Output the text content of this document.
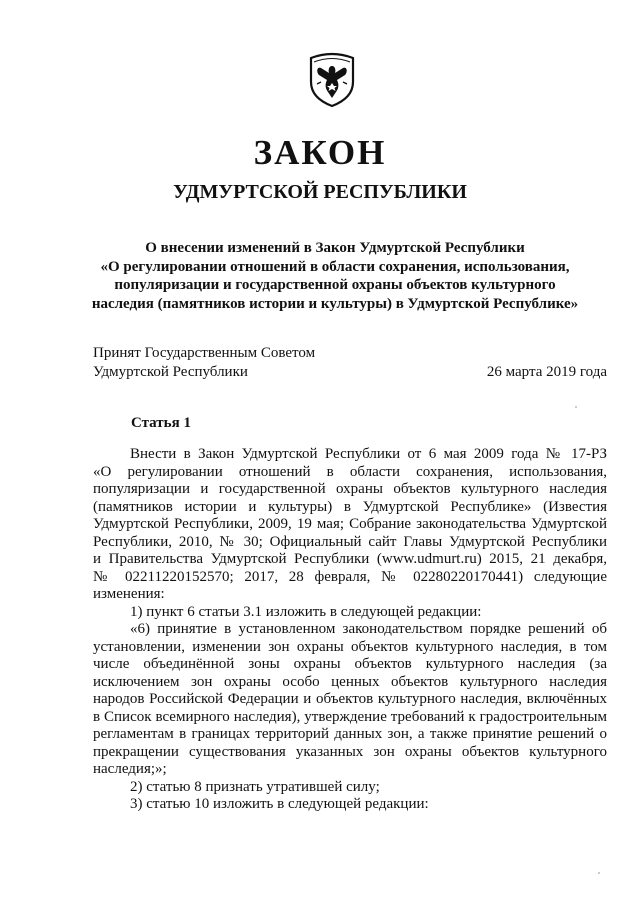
ЗАКОН
УДМУРТСКОЙ РЕСПУБЛИКИ
О внесении изменений в Закон Удмуртской Республики
«О регулировании отношений в области сохранения, использования,
популяризации и государственной охраны объектов культурного
наследия (памятников истории и культуры) в Удмуртской Республике»
Принят Государственным Советом
Удмуртской Республики	26 марта 2019 года
Статья 1
Внести в Закон Удмуртской Республики от 6 мая 2009 года № 17-РЗ
«О регулировании отношений в области сохранения, использования,
популяризации и государственной охраны объектов культурного наследия
(памятников истории и культуры) в Удмуртской Республике» (Известия
Удмуртской Республики, 2009, 19 мая; Собрание законодательства Удмуртской
Республики, 2010, № 30; Официальный сайт Главы Удмуртской Республики
и Правительства Удмуртской Республики (www.udmurt.ru) 2015, 21 декабря,
№ 02211220152570; 2017, 28 февраля, № 02280220170441) следующие
изменения:
1) пункт 6 статьи 3.1 изложить в следующей редакции:
«6) принятие в установленном законодательством порядке решений об
установлении, изменении зон охраны объектов культурного наследия, в том
числе объединённой зоны охраны объектов культурного наследия (за
исключением зон охраны особо ценных объектов культурного наследия
народов Российской Федерации и объектов культурного наследия, включённых
в Список всемирного наследия), утверждение требований к градостроительным
регламентам в границах территорий данных зон, а также принятие решений о
прекращении существования указанных зон охраны объектов культурного
наследия;»;
2) статью 8 признать утратившей силу;
3) статью 10 изложить в следующей редакции:
